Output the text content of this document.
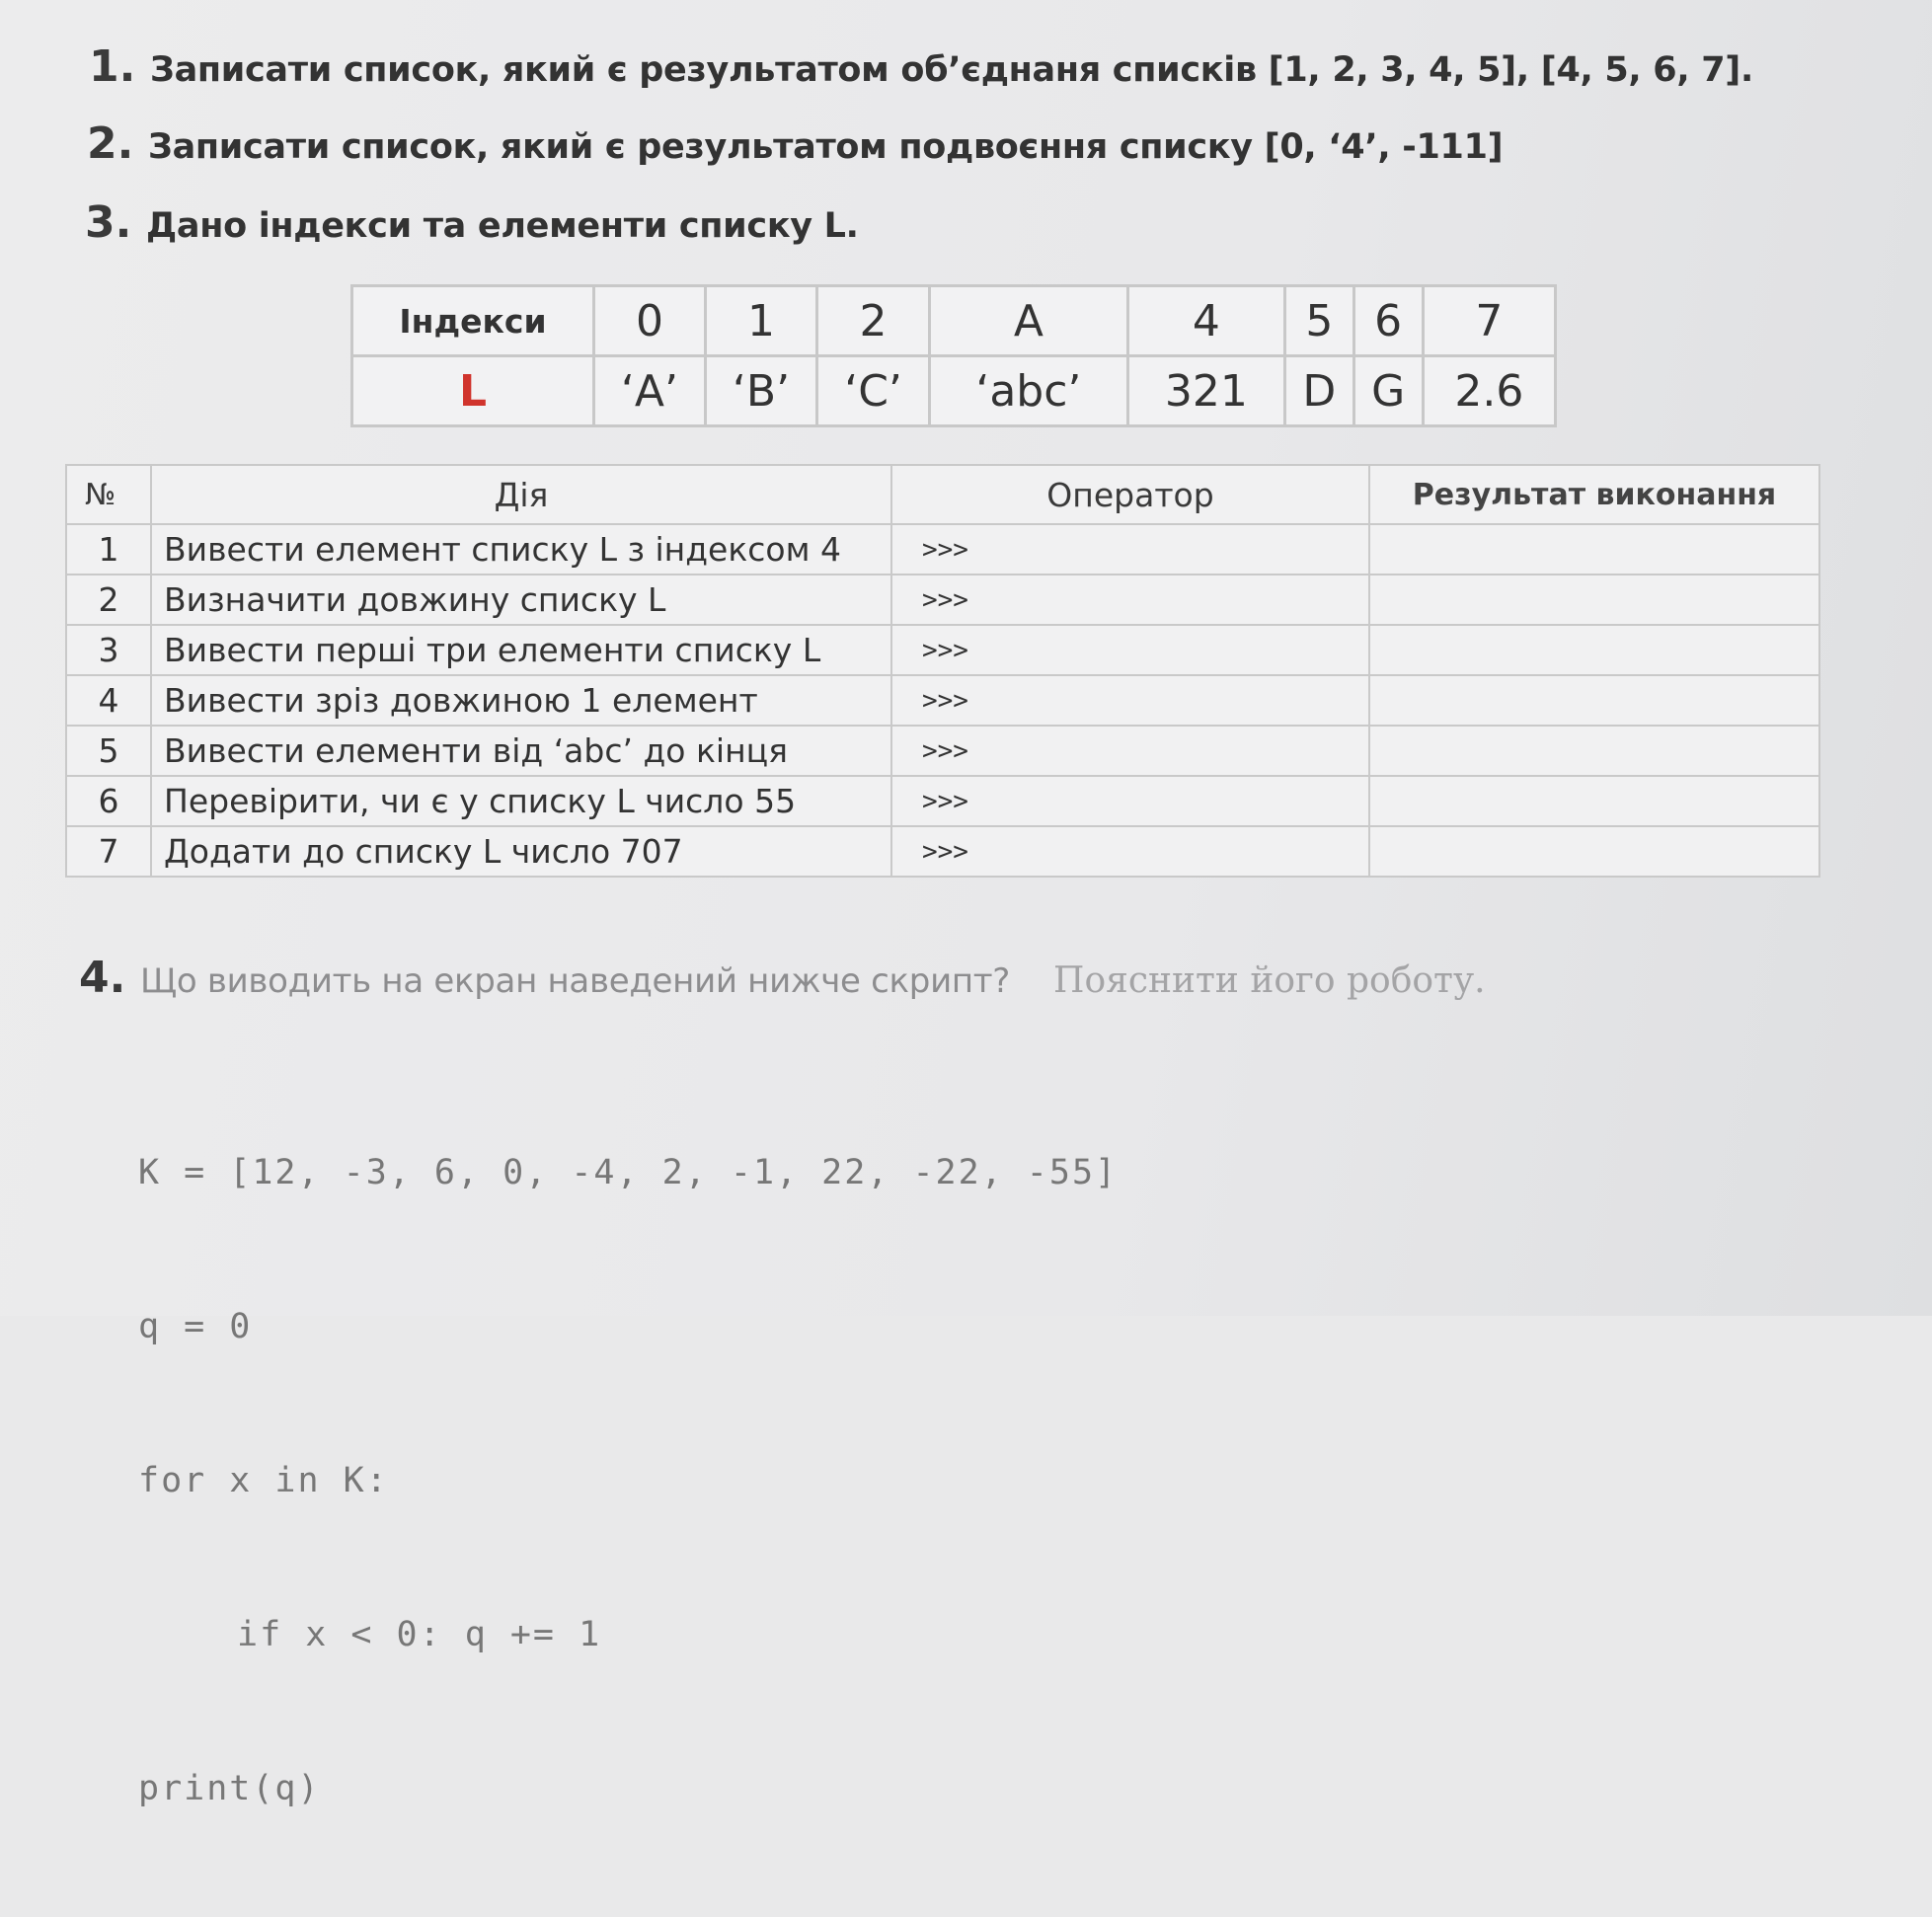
1. Записати список, який є результатом об’єднаня списків [1, 2, 3, 4, 5], [4, 5, 6, 7].
2. Записати список, який є результатом подвоєння списку [0, ‘4’, -111]
3. Дано індекси та елементи списку L.
Індекси	0	1	2	A	4	5	6	7
L	‘A’	‘B’	‘C’	‘abc’	321	D	G	2.6
№	Дія	Оператор	Результат виконання
1	Вивести елемент списку L з індексом 4	>>>	
2	Визначити довжину списку L	>>>	
3	Вивести перші три елементи списку L	>>>	
4	Вивести зріз довжиною 1 елемент	>>>	
5	Вивести елементи від ‘abc’ до кінця	>>>	
6	Перевірити, чи є у списку L число 55	>>>	
7	Додати до списку L число 707	>>>	
4. Що виводить на екран наведений нижче скрипт? Пояснити його роботу.

K = [12, -3, 6, 0, -4, 2, -1, 22, -22, -55]

q = 0

for x in K:

if x < 0: q += 1

print(q)
